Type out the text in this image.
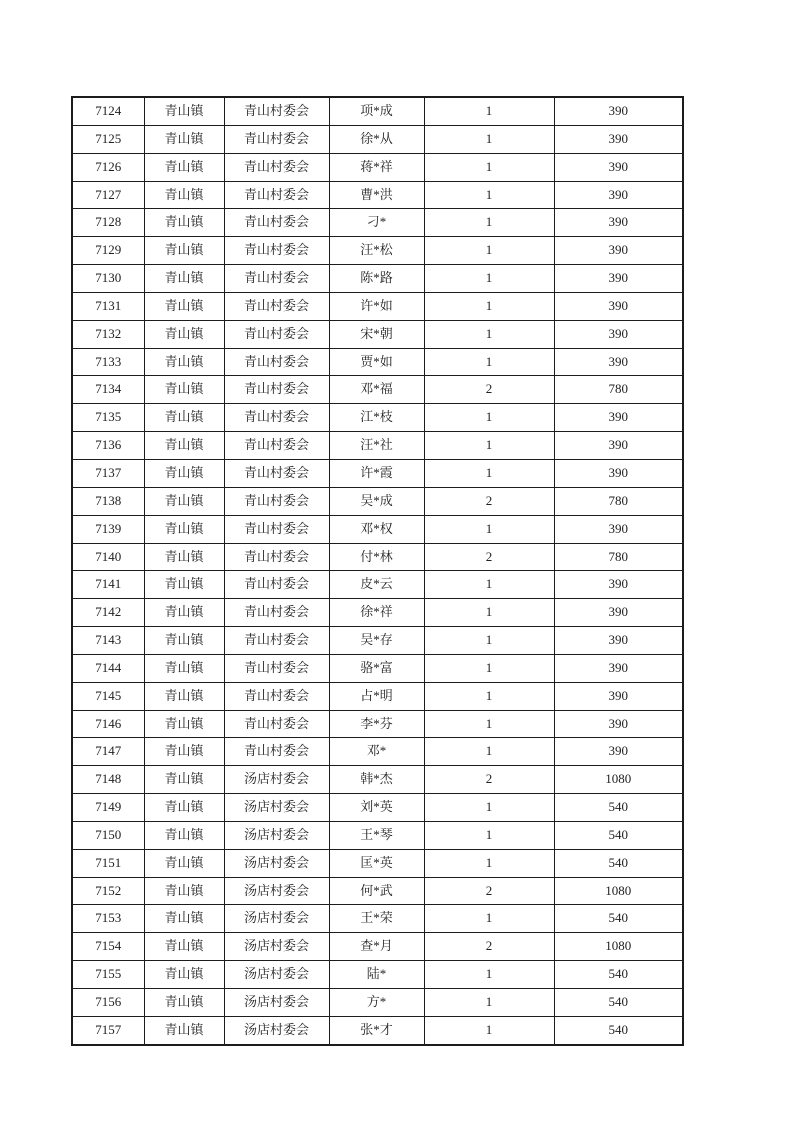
7124	青山镇	青山村委会	项*成	1	390
7125	青山镇	青山村委会	徐*从	1	390
7126	青山镇	青山村委会	蒋*祥	1	390
7127	青山镇	青山村委会	曹*洪	1	390
7128	青山镇	青山村委会	刁*	1	390
7129	青山镇	青山村委会	汪*松	1	390
7130	青山镇	青山村委会	陈*路	1	390
7131	青山镇	青山村委会	许*如	1	390
7132	青山镇	青山村委会	宋*朝	1	390
7133	青山镇	青山村委会	贾*如	1	390
7134	青山镇	青山村委会	邓*福	2	780
7135	青山镇	青山村委会	江*枝	1	390
7136	青山镇	青山村委会	汪*社	1	390
7137	青山镇	青山村委会	许*霞	1	390
7138	青山镇	青山村委会	吴*成	2	780
7139	青山镇	青山村委会	邓*权	1	390
7140	青山镇	青山村委会	付*林	2	780
7141	青山镇	青山村委会	皮*云	1	390
7142	青山镇	青山村委会	徐*祥	1	390
7143	青山镇	青山村委会	吴*存	1	390
7144	青山镇	青山村委会	骆*富	1	390
7145	青山镇	青山村委会	占*明	1	390
7146	青山镇	青山村委会	李*芬	1	390
7147	青山镇	青山村委会	邓*	1	390
7148	青山镇	汤店村委会	韩*杰	2	1080
7149	青山镇	汤店村委会	刘*英	1	540
7150	青山镇	汤店村委会	王*琴	1	540
7151	青山镇	汤店村委会	匡*英	1	540
7152	青山镇	汤店村委会	何*武	2	1080
7153	青山镇	汤店村委会	王*荣	1	540
7154	青山镇	汤店村委会	查*月	2	1080
7155	青山镇	汤店村委会	陆*	1	540
7156	青山镇	汤店村委会	方*	1	540
7157	青山镇	汤店村委会	张*才	1	540
